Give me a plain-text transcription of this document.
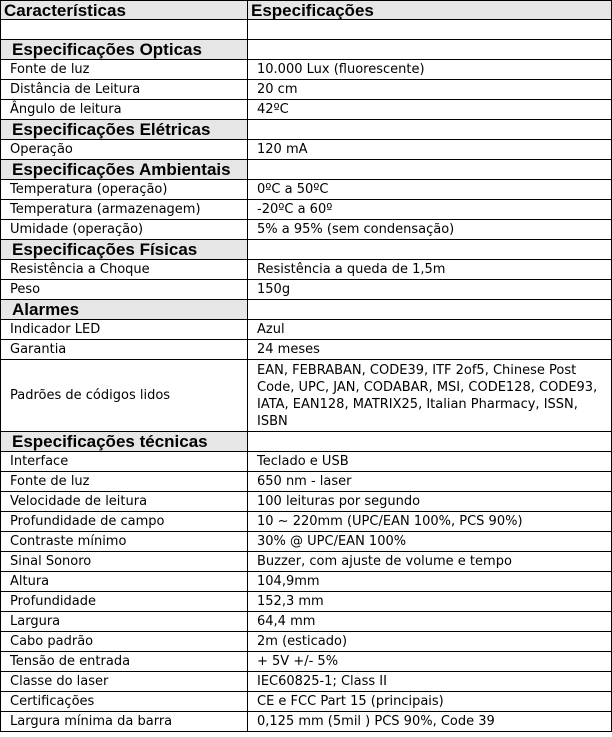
Características	Especificações

Especificações Opticas	
Fonte de luz	10.000 Lux (fluorescente)
Distância de Leitura	20 cm
Ângulo de leitura	42ºC
Especificações Elétricas	
Operação	120 mA
Especificações Ambientais	
Temperatura (operação)	0ºC a 50ºC
Temperatura (armazenagem)	-20ºC a 60º
Umidade (operação)	5% a 95% (sem condensação)
Especificações Físicas	
Resistência a Choque	Resistência a queda de 1,5m
Peso	150g
Alarmes	
Indicador LED	Azul
Garantia	24 meses
Padrões de códigos lidos	EAN, FEBRABAN, CODE39, ITF 2of5, Chinese Post Code, UPC, JAN, CODABAR, MSI, CODE128, CODE93, IATA, EAN128, MATRIX25, Italian Pharmacy, ISSN, ISBN
Especificações técnicas	
Interface	Teclado e USB
Fonte de luz	650 nm - laser
Velocidade de leitura	100 leituras por segundo
Profundidade de campo	10 ~ 220mm (UPC/EAN 100%, PCS 90%)
Contraste mínimo	30% @ UPC/EAN 100%
Sinal Sonoro	Buzzer, com ajuste de volume e tempo
Altura	104,9mm
Profundidade	152,3 mm
Largura	64,4 mm
Cabo padrão	2m (esticado)
Tensão de entrada	+ 5V +/- 5%
Classe do laser	IEC60825-1; Class II
Certificações	CE e FCC Part 15 (principais)
Largura mínima da barra	0,125 mm (5mil ) PCS 90%, Code 39
